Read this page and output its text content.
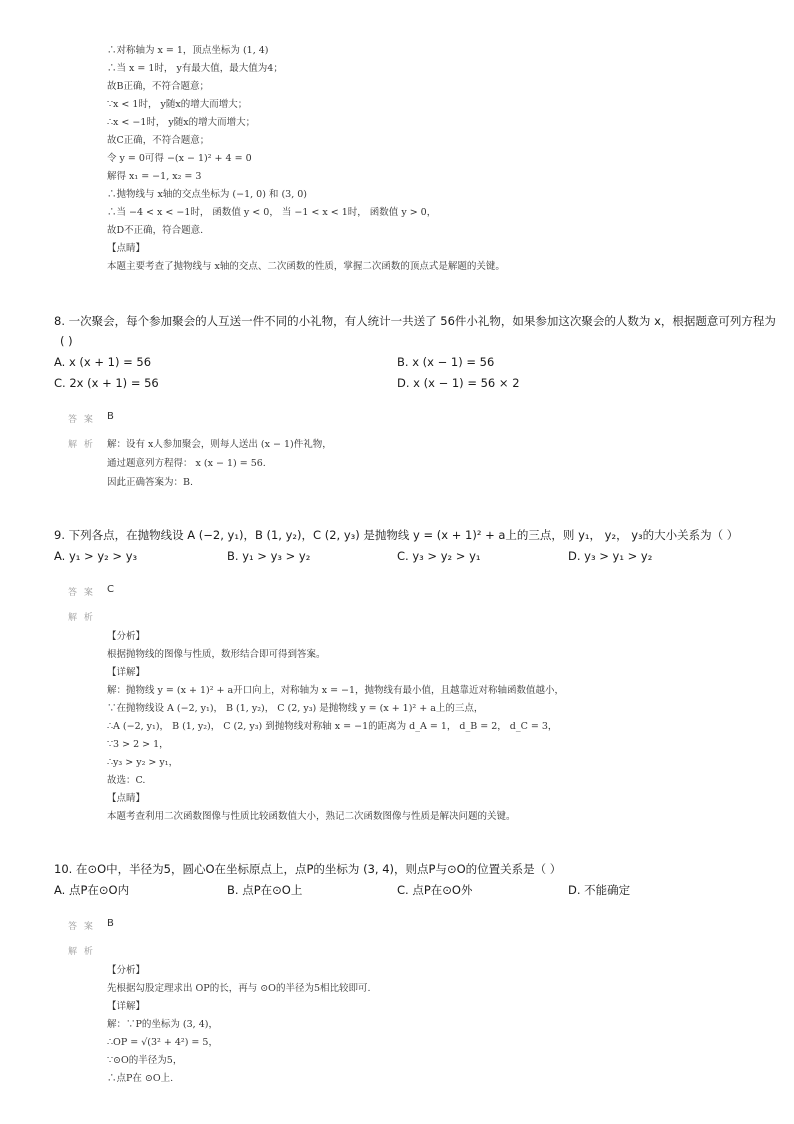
∴对称轴为 x = 1，顶点坐标为 (1, 4)
∴当 x = 1时， y有最大值，最大值为4；
故B正确，不符合题意；
∵x < 1时， y随x的增大而增大；
∴x < −1时， y随x的增大而增大；
故C正确，不符合题意；
令 y = 0可得 −(x − 1)² + 4 = 0
解得 x₁ = −1, x₂ = 3
∴抛物线与 x轴的交点坐标为 (−1, 0) 和 (3, 0)
∴当 −4 < x < −1时， 函数值 y < 0， 当 −1 < x < 1时， 函数值 y > 0，
故D不正确，符合题意.
【点睛】
本题主要考查了抛物线与 x轴的交点、二次函数的性质，掌握二次函数的顶点式是解题的关键。
8. 一次聚会，每个参加聚会的人互送一件不同的小礼物，有人统计一共送了 56件小礼物，如果参加这次聚会的人数为 x，根据题意可列方程为
( )
A. x (x + 1) = 56	B. x (x − 1) = 56
C. 2x (x + 1) = 56	D. x (x − 1) = 56 × 2
答 案 B
解 析 解：设有 x人参加聚会，则每人送出 (x − 1)件礼物，
通过题意列方程得： x (x − 1) = 56.
因此正确答案为：B.
9. 下列各点，在抛物线设 A (−2, y₁)，B (1, y₂)，C (2, y₃) 是抛物线 y = (x + 1)² + a上的三点，则 y₁， y₂， y₃的大小关系为（ ）
A. y₁ > y₂ > y₃	B. y₁ > y₃ > y₂	C. y₃ > y₂ > y₁	D. y₃ > y₁ > y₂
答 案 C
解 析
【分析】
根据抛物线的图像与性质，数形结合即可得到答案。
【详解】
解：抛物线 y = (x + 1)² + a开口向上，对称轴为 x = −1，抛物线有最小值，且越靠近对称轴函数值越小，
∵在抛物线设 A (−2, y₁)， B (1, y₂)， C (2, y₃) 是抛物线 y = (x + 1)² + a上的三点，
∴A (−2, y₁)， B (1, y₂)， C (2, y₃) 到抛物线对称轴 x = −1的距离为 d_A = 1， d_B = 2， d_C = 3，
∵3 > 2 > 1，
∴y₃ > y₂ > y₁，
故选：C.
【点睛】
本题考查利用二次函数图像与性质比较函数值大小，熟记二次函数图像与性质是解决问题的关键。
10. 在⊙O中，半径为5，圆心O在坐标原点上，点P的坐标为 (3, 4)，则点P与⊙O的位置关系是（ ）
A. 点P在⊙O内	B. 点P在⊙O上	C. 点P在⊙O外	D. 不能确定
答 案 B
解 析
【分析】
先根据勾股定理求出 OP的长，再与 ⊙O的半径为5相比较即可.
【详解】
解：∵P的坐标为 (3, 4)，
∴OP = √(3² + 4²) = 5，
∵⊙O的半径为5，
∴点P在 ⊙O上.
